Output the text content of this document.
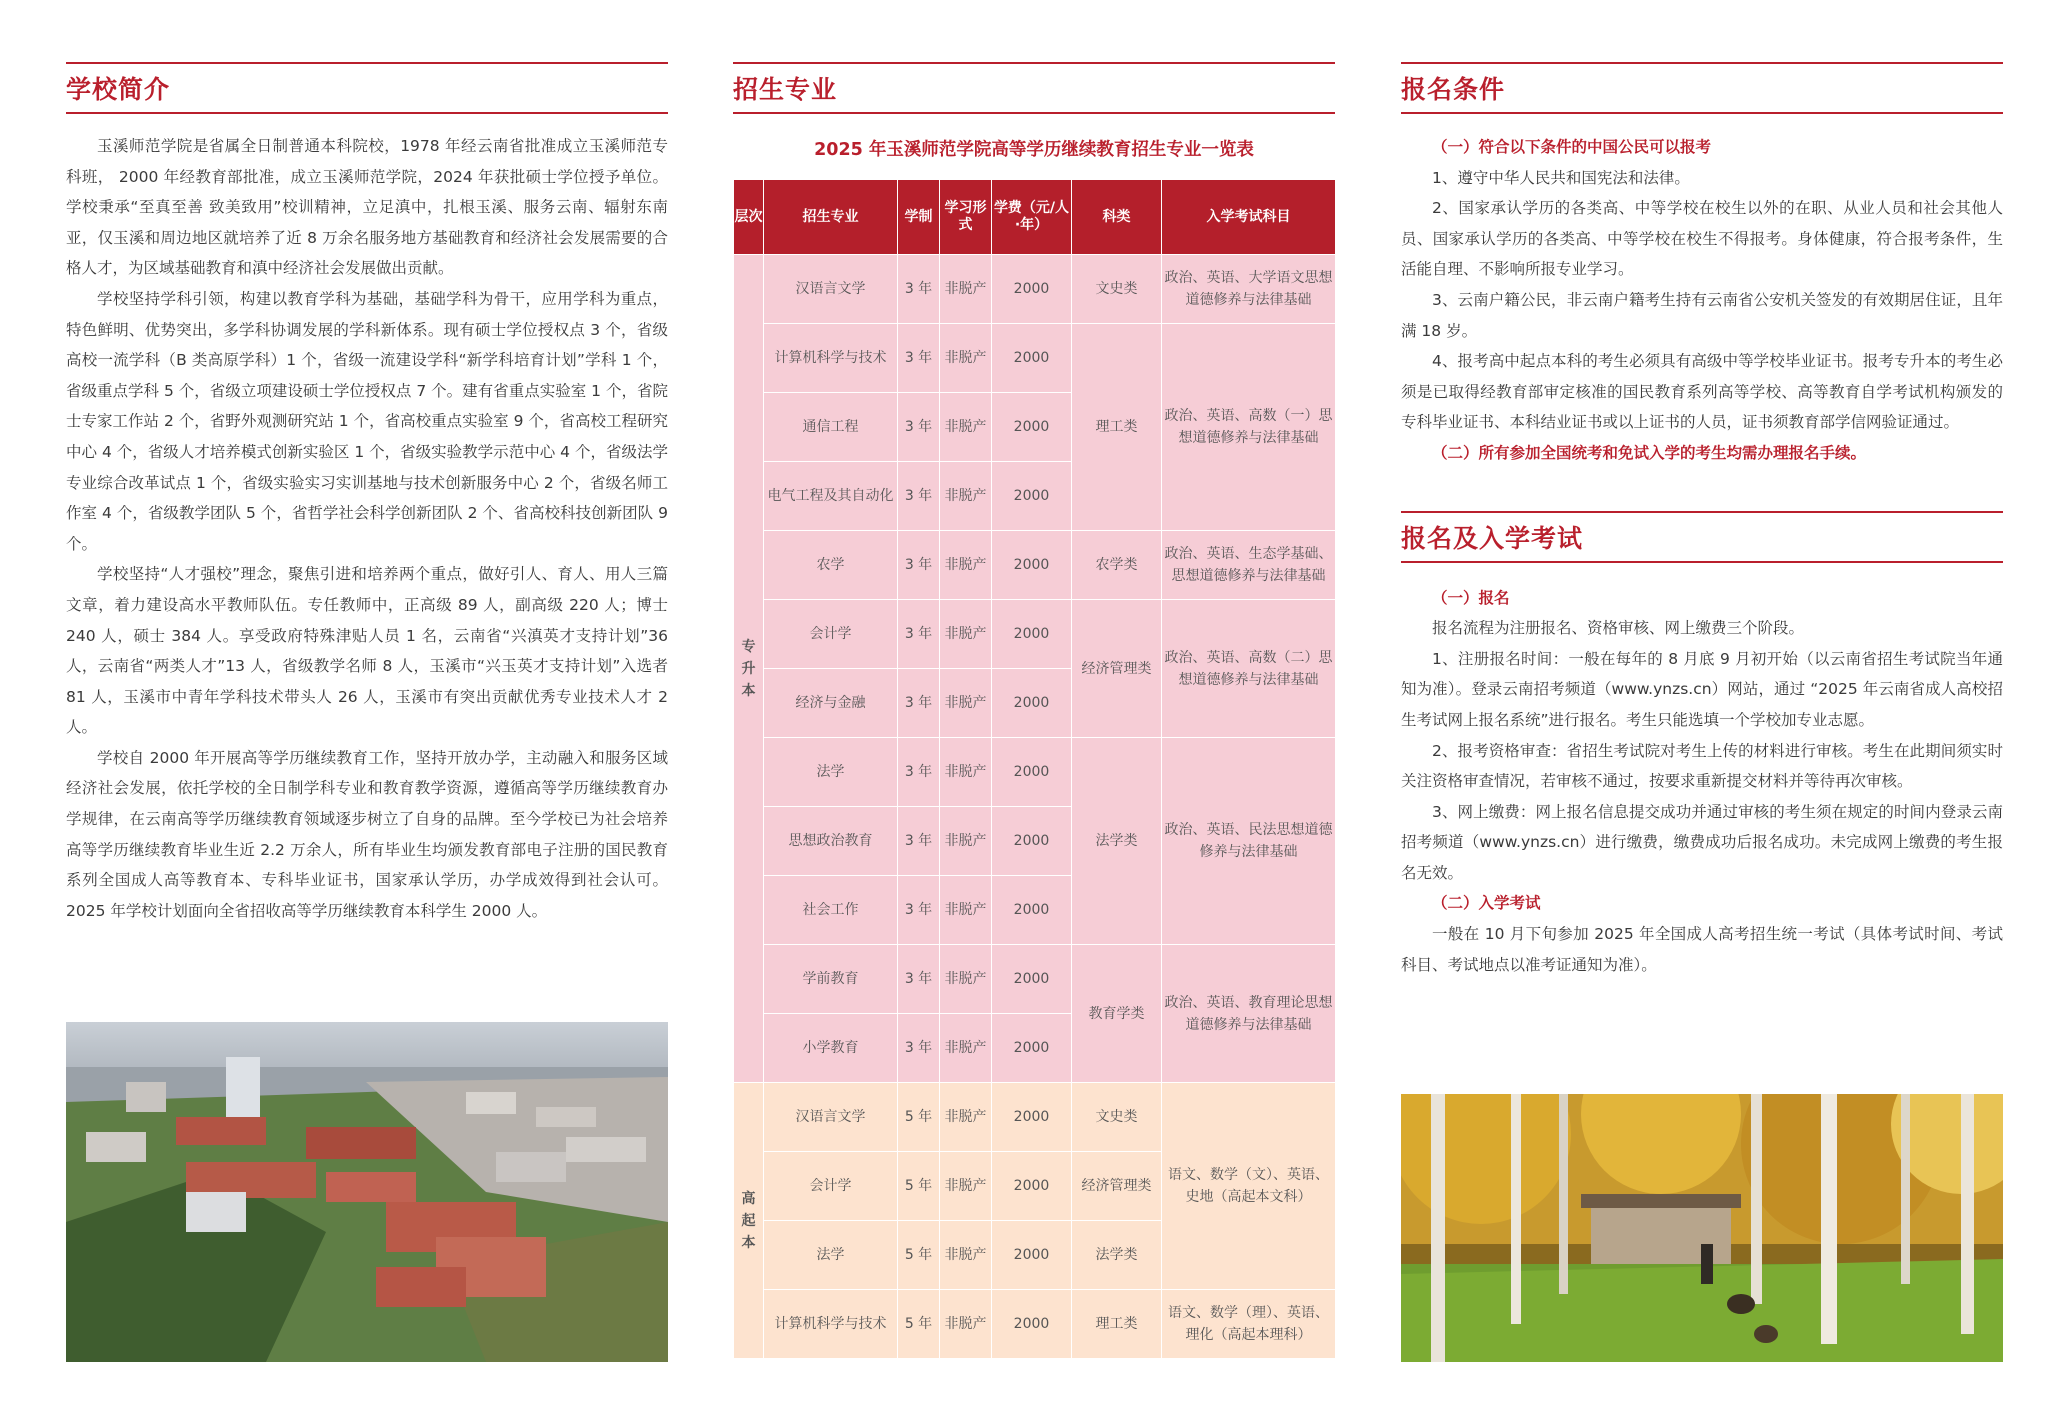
学校简介

玉溪师范学院是省属全日制普通本科院校，1978 年经云南省批准成立玉溪师范专科班， 2000 年经教育部批准，成立玉溪师范学院，2024 年获批硕士学位授予单位。学校秉承“至真至善 致美致用”校训精神，立足滇中，扎根玉溪、服务云南、辐射东南亚，仅玉溪和周边地区就培养了近 8 万余名服务地方基础教育和经济社会发展需要的合格人才，为区域基础教育和滇中经济社会发展做出贡献。

学校坚持学科引领，构建以教育学科为基础，基础学科为骨干，应用学科为重点，特色鲜明、优势突出，多学科协调发展的学科新体系。现有硕士学位授权点 3 个，省级高校一流学科（B 类高原学科）1 个，省级一流建设学科“新学科培育计划”学科 1 个，省级重点学科 5 个，省级立项建设硕士学位授权点 7 个。建有省重点实验室 1 个，省院士专家工作站 2 个，省野外观测研究站 1 个，省高校重点实验室 9 个，省高校工程研究中心 4 个，省级人才培养模式创新实验区 1 个，省级实验教学示范中心 4 个，省级法学专业综合改革试点 1 个，省级实验实习实训基地与技术创新服务中心 2 个，省级名师工作室 4 个，省级教学团队 5 个，省哲学社会科学创新团队 2 个、省高校科技创新团队 9 个。

学校坚持“人才强校”理念，聚焦引进和培养两个重点，做好引人、育人、用人三篇文章，着力建设高水平教师队伍。专任教师中，正高级 89 人，副高级 220 人；博士 240 人，硕士 384 人。享受政府特殊津贴人员 1 名，云南省“兴滇英才支持计划”36 人，云南省“两类人才”13 人，省级教学名师 8 人，玉溪市“兴玉英才支持计划”入选者 81 人，玉溪市中青年学科技术带头人 26 人，玉溪市有突出贡献优秀专业技术人才 2 人。

学校自 2000 年开展高等学历继续教育工作，坚持开放办学，主动融入和服务区域经济社会发展，依托学校的全日制学科专业和教育教学资源，遵循高等学历继续教育办学规律，在云南高等学历继续教育领域逐步树立了自身的品牌。至今学校已为社会培养高等学历继续教育毕业生近 2.2 万余人，所有毕业生均颁发教育部电子注册的国民教育系列全国成人高等教育本、专科毕业证书，国家承认学历，办学成效得到社会认可。2025 年学校计划面向全省招收高等学历继续教育本科学生 2000 人。

招生专业
2025 年玉溪师范学院高等学历继续教育招生专业一览表
层次	招生专业	学制	学习形式	学费（元/人·年）	科类	入学考试科目
专升本	汉语言文学	3 年	非脱产	2000	文史类	政治、英语、大学语文思想道德修养与法律基础
	计算机科学与技术	3 年	非脱产	2000	理工类	政治、英语、高数（一）思想道德修养与法律基础
	通信工程	3 年	非脱产	2000		
	电气工程及其自动化	3 年	非脱产	2000		
	农学	3 年	非脱产	2000	农学类	政治、英语、生态学基础、思想道德修养与法律基础
	会计学	3 年	非脱产	2000	经济管理类	政治、英语、高数（二）思想道德修养与法律基础
	经济与金融	3 年	非脱产	2000		
	法学	3 年	非脱产	2000	法学类	政治、英语、民法思想道德修养与法律基础
	思想政治教育	3 年	非脱产	2000		
	社会工作	3 年	非脱产	2000		
	学前教育	3 年	非脱产	2000	教育学类	政治、英语、教育理论思想道德修养与法律基础
	小学教育	3 年	非脱产	2000		
高起本	汉语言文学	5 年	非脱产	2000	文史类	语文、数学（文）、英语、史地（高起本文科）
	会计学	5 年	非脱产	2000	经济管理类	
	法学	5 年	非脱产	2000	法学类	
	计算机科学与技术	5 年	非脱产	2000	理工类	语文、数学（理）、英语、理化（高起本理科）
报名条件

（一）符合以下条件的中国公民可以报考

1、遵守中华人民共和国宪法和法律。

2、国家承认学历的各类高、中等学校在校生以外的在职、从业人员和社会其他人员、国家承认学历的各类高、中等学校在校生不得报考。身体健康，符合报考条件，生活能自理、不影响所报专业学习。

3、云南户籍公民，非云南户籍考生持有云南省公安机关签发的有效期居住证，且年满 18 岁。

4、报考高中起点本科的考生必须具有高级中等学校毕业证书。报考专升本的考生必须是已取得经教育部审定核准的国民教育系列高等学校、高等教育自学考试机构颁发的专科毕业证书、本科结业证书或以上证书的人员，证书须教育部学信网验证通过。

（二）所有参加全国统考和免试入学的考生均需办理报名手续。

报名及入学考试

（一）报名

报名流程为注册报名、资格审核、网上缴费三个阶段。

1、注册报名时间：一般在每年的 8 月底 9 月初开始（以云南省招生考试院当年通知为准）。登录云南招考频道（www.ynzs.cn）网站，通过 “2025 年云南省成人高校招生考试网上报名系统”进行报名。考生只能选填一个学校加专业志愿。

2、报考资格审查：省招生考试院对考生上传的材料进行审核。考生在此期间须实时关注资格审查情况，若审核不通过，按要求重新提交材料并等待再次审核。

3、网上缴费：网上报名信息提交成功并通过审核的考生须在规定的时间内登录云南招考频道（www.ynzs.cn）进行缴费，缴费成功后报名成功。未完成网上缴费的考生报名无效。

（二）入学考试

一般在 10 月下旬参加 2025 年全国成人高考招生统一考试（具体考试时间、考试科目、考试地点以准考证通知为准）。
